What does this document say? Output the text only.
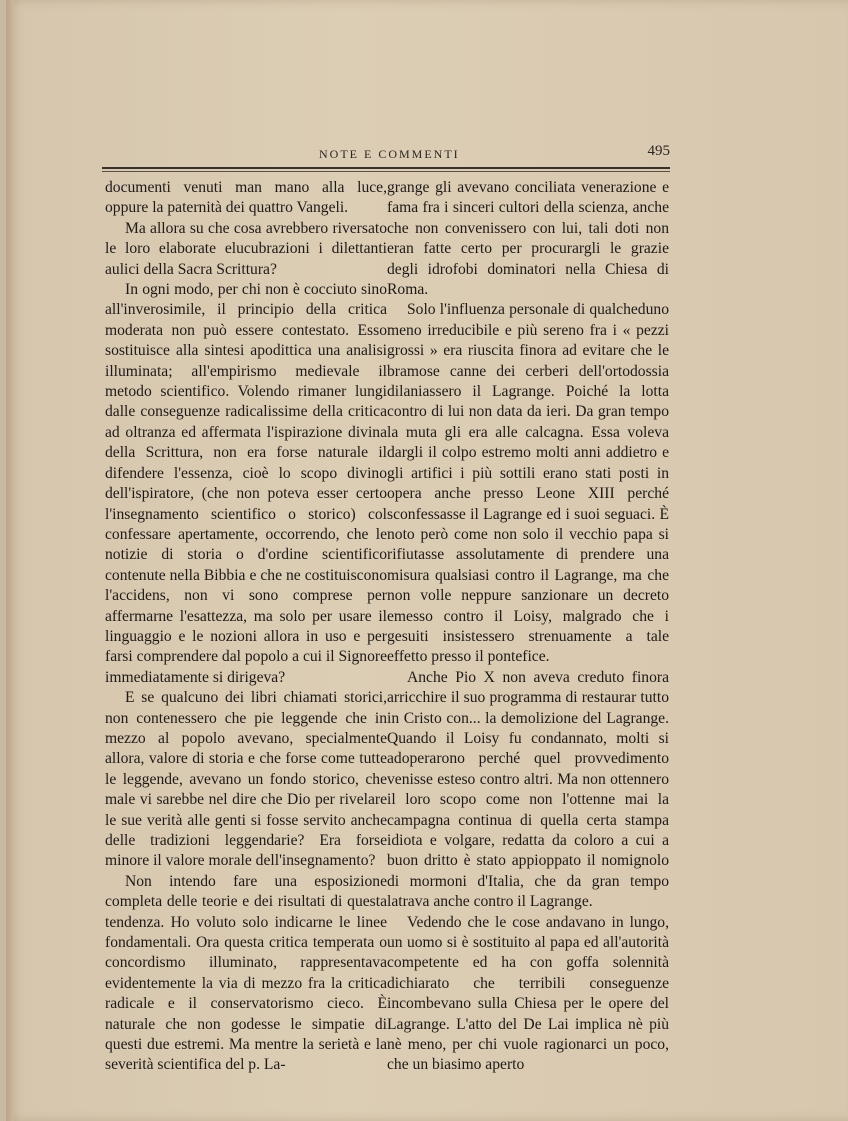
NOTE E COMMENTI	495

documenti venuti man mano alla luce, oppure la paternità dei quattro Vangeli.

Ma allora su che cosa avrebbero riversato le loro elaborate elucubrazioni i dilettanti aulici della Sacra Scrittura?

In ogni modo, per chi non è cocciuto sino all'inverosimile, il principio della critica moderata non può essere contestato. Esso sostituisce alla sintesi apodittica una analisi illuminata; all'empirismo medievale il metodo scientifico. Volendo rimaner lungi dalle conseguenze radicalissime della critica ad oltranza ed affermata l'ispirazione divina della Scrittura, non era forse naturale il difendere l'essenza, cioè lo scopo divino dell'ispiratore, (che non poteva esser certo l'insegnamento scientifico o storico) col confessare apertamente, occorrendo, che le notizie di storia o d'ordine scientifico contenute nella Bibbia e che ne costituiscono l'accidens, non vi sono comprese per affermarne l'esattezza, ma solo per usare il linguaggio e le nozioni allora in uso e per farsi comprendere dal popolo a cui il Signore immediatamente si dirigeva?

E se qualcuno dei libri chiamati storici, non contenessero che pie leggende che in mezzo al popolo avevano, specialmente allora, valore di storia e che forse come tutte le leggende, avevano un fondo storico, che male vi sarebbe nel dire che Dio per rivelare le sue verità alle genti si fosse servito anche delle tradizioni leggendarie? Era forse minore il valore morale dell'insegnamento?

Non intendo fare una esposizione completa delle teorie e dei risultati di questa tendenza. Ho voluto solo indicarne le linee fondamentali. Ora questa critica temperata o concordismo illuminato, rappresentava evidentemente la via di mezzo fra la critica radicale e il conservatorismo cieco. È naturale che non godesse le simpatie di questi due estremi. Ma mentre la serietà e la severità scientifica del p. La-

grange gli avevano conciliata venerazione e fama fra i sinceri cultori della scienza, anche che non convenissero con lui, tali doti non eran fatte certo per procurargli le grazie degli idrofobi dominatori nella Chiesa di Roma.

Solo l'influenza personale di qualcheduno meno irreducibile e più sereno fra i « pezzi grossi » era riuscita finora ad evitare che le bramose canne dei cerberi dell'ortodossia dilaniassero il Lagrange. Poiché la lotta contro di lui non data da ieri. Da gran tempo la muta gli era alle calcagna. Essa voleva dargli il colpo estremo molti anni addietro e gli artifici i più sottili erano stati posti in opera anche presso Leone XIII perché sconfessasse il Lagrange ed i suoi seguaci. È noto però come non solo il vecchio papa si rifiutasse assolutamente di prendere una misura qualsiasi contro il Lagrange, ma che non volle neppure sanzionare un decreto emesso contro il Loisy, malgrado che i gesuiti insistessero strenuamente a tale effetto presso il pontefice.

Anche Pio X non aveva creduto finora arricchire il suo programma di restaurar tutto in Cristo con... la demolizione del Lagrange. Quando il Loisy fu condannato, molti si adoperarono perché quel provvedimento venisse esteso contro altri. Ma non ottennero il loro scopo come non l'ottenne mai la campagna continua di quella certa stampa idiota e volgare, redatta da coloro a cui a buon dritto è stato appioppato il nomignolo di mormoni d'Italia, che da gran tempo latrava anche contro il Lagrange.

Vedendo che le cose andavano in lungo, un uomo si è sostituito al papa ed all'autorità competente ed ha con goffa solennità dichiarato che terribili conseguenze incombevano sulla Chiesa per le opere del Lagrange. L'atto del De Lai implica nè più nè meno, per chi vuole ragionarci un poco, che un biasimo aperto
